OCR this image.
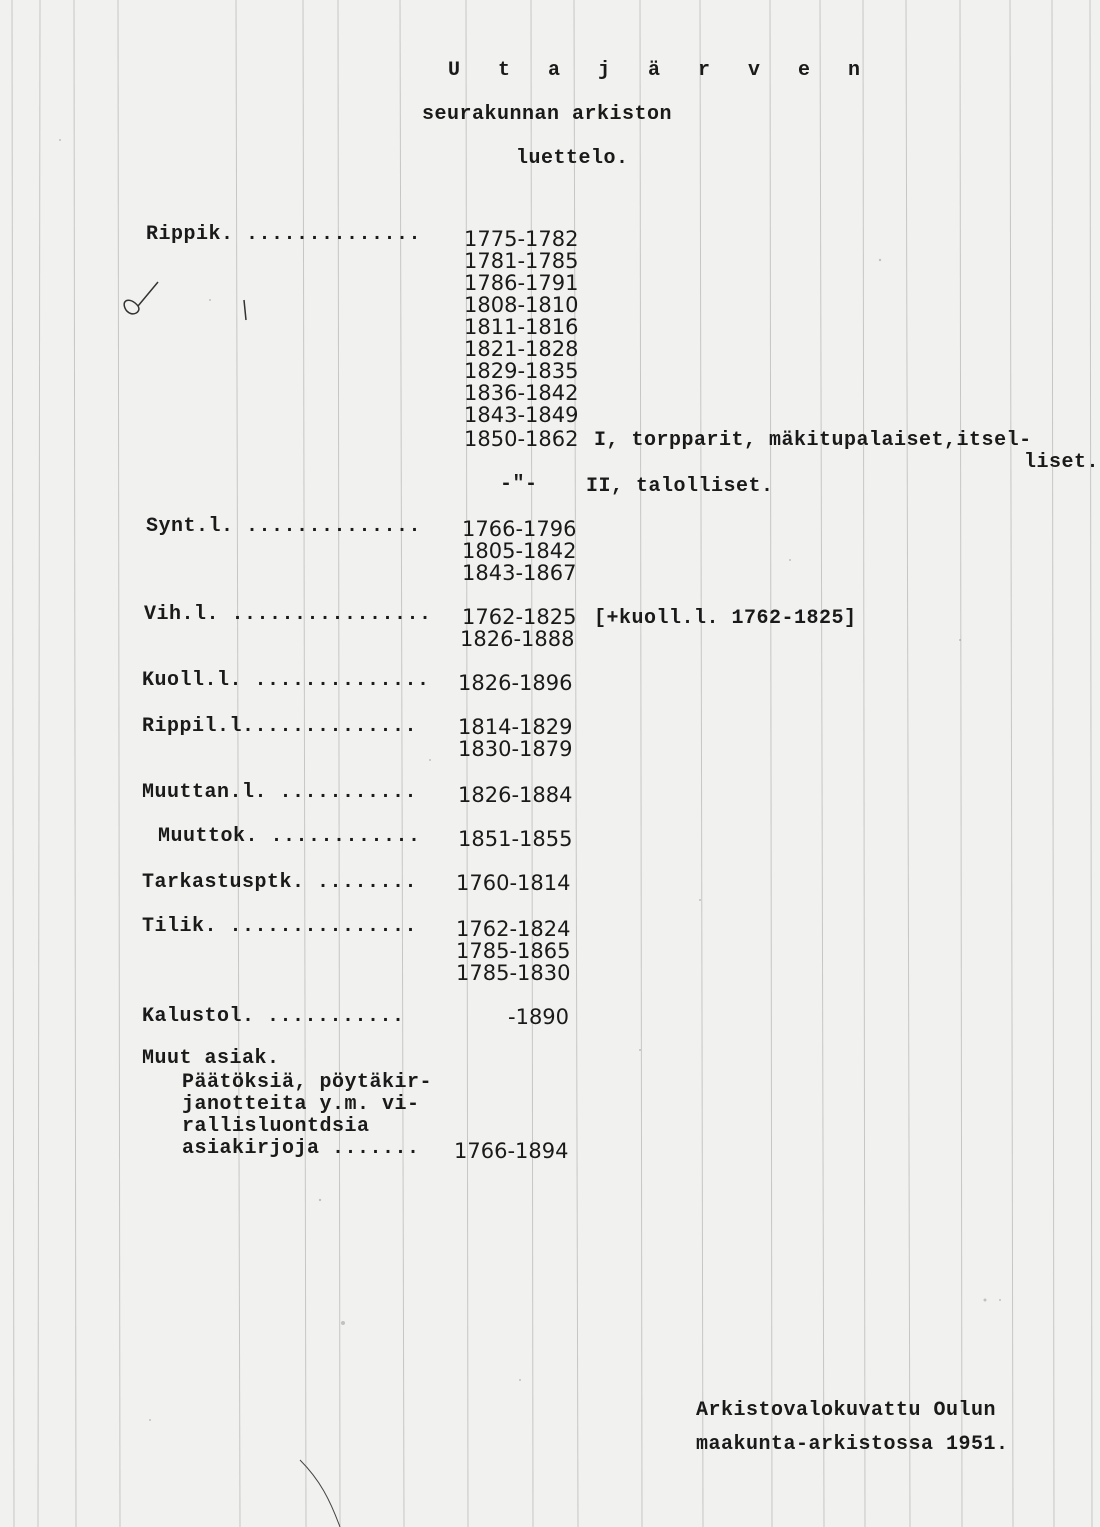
U t a j ä r v e n
seurakunnan arkiston
luettelo.
Rippik. .............. 1775-1782
1781-1785
1786-1791
1808-1810
1811-1816
1821-1828
1829-1835
1836-1842
1843-1849
1850-1862 I, torpparit, mäkitupalaiset,itsel-
liset.
-"- II, talolliset.
Synt.l. .............. 1766-1796
1805-1842
1843-1867
Vih.l. ................ 1762-1825 [+kuoll.l. 1762-1825]
1826-1888
Kuoll.l. .............. 1826-1896
Rippil.l.............. 1814-1829
1830-1879
Muuttan.l. ........... 1826-1884
Muuttok. ............ 1851-1855
Tarkastusptk. ........ 1760-1814
Tilik. ............... 1762-1824
1785-1865
1785-1830
Kalustol. ...........	-1890
Muut asiak.
Päätöksiä, pöytäkir-
janotteita y.m. vi-
rallisluontdsia
asiakirjoja ....... 1766-1894
Arkistovalokuvattu Oulun
maakunta-arkistossa 1951.
